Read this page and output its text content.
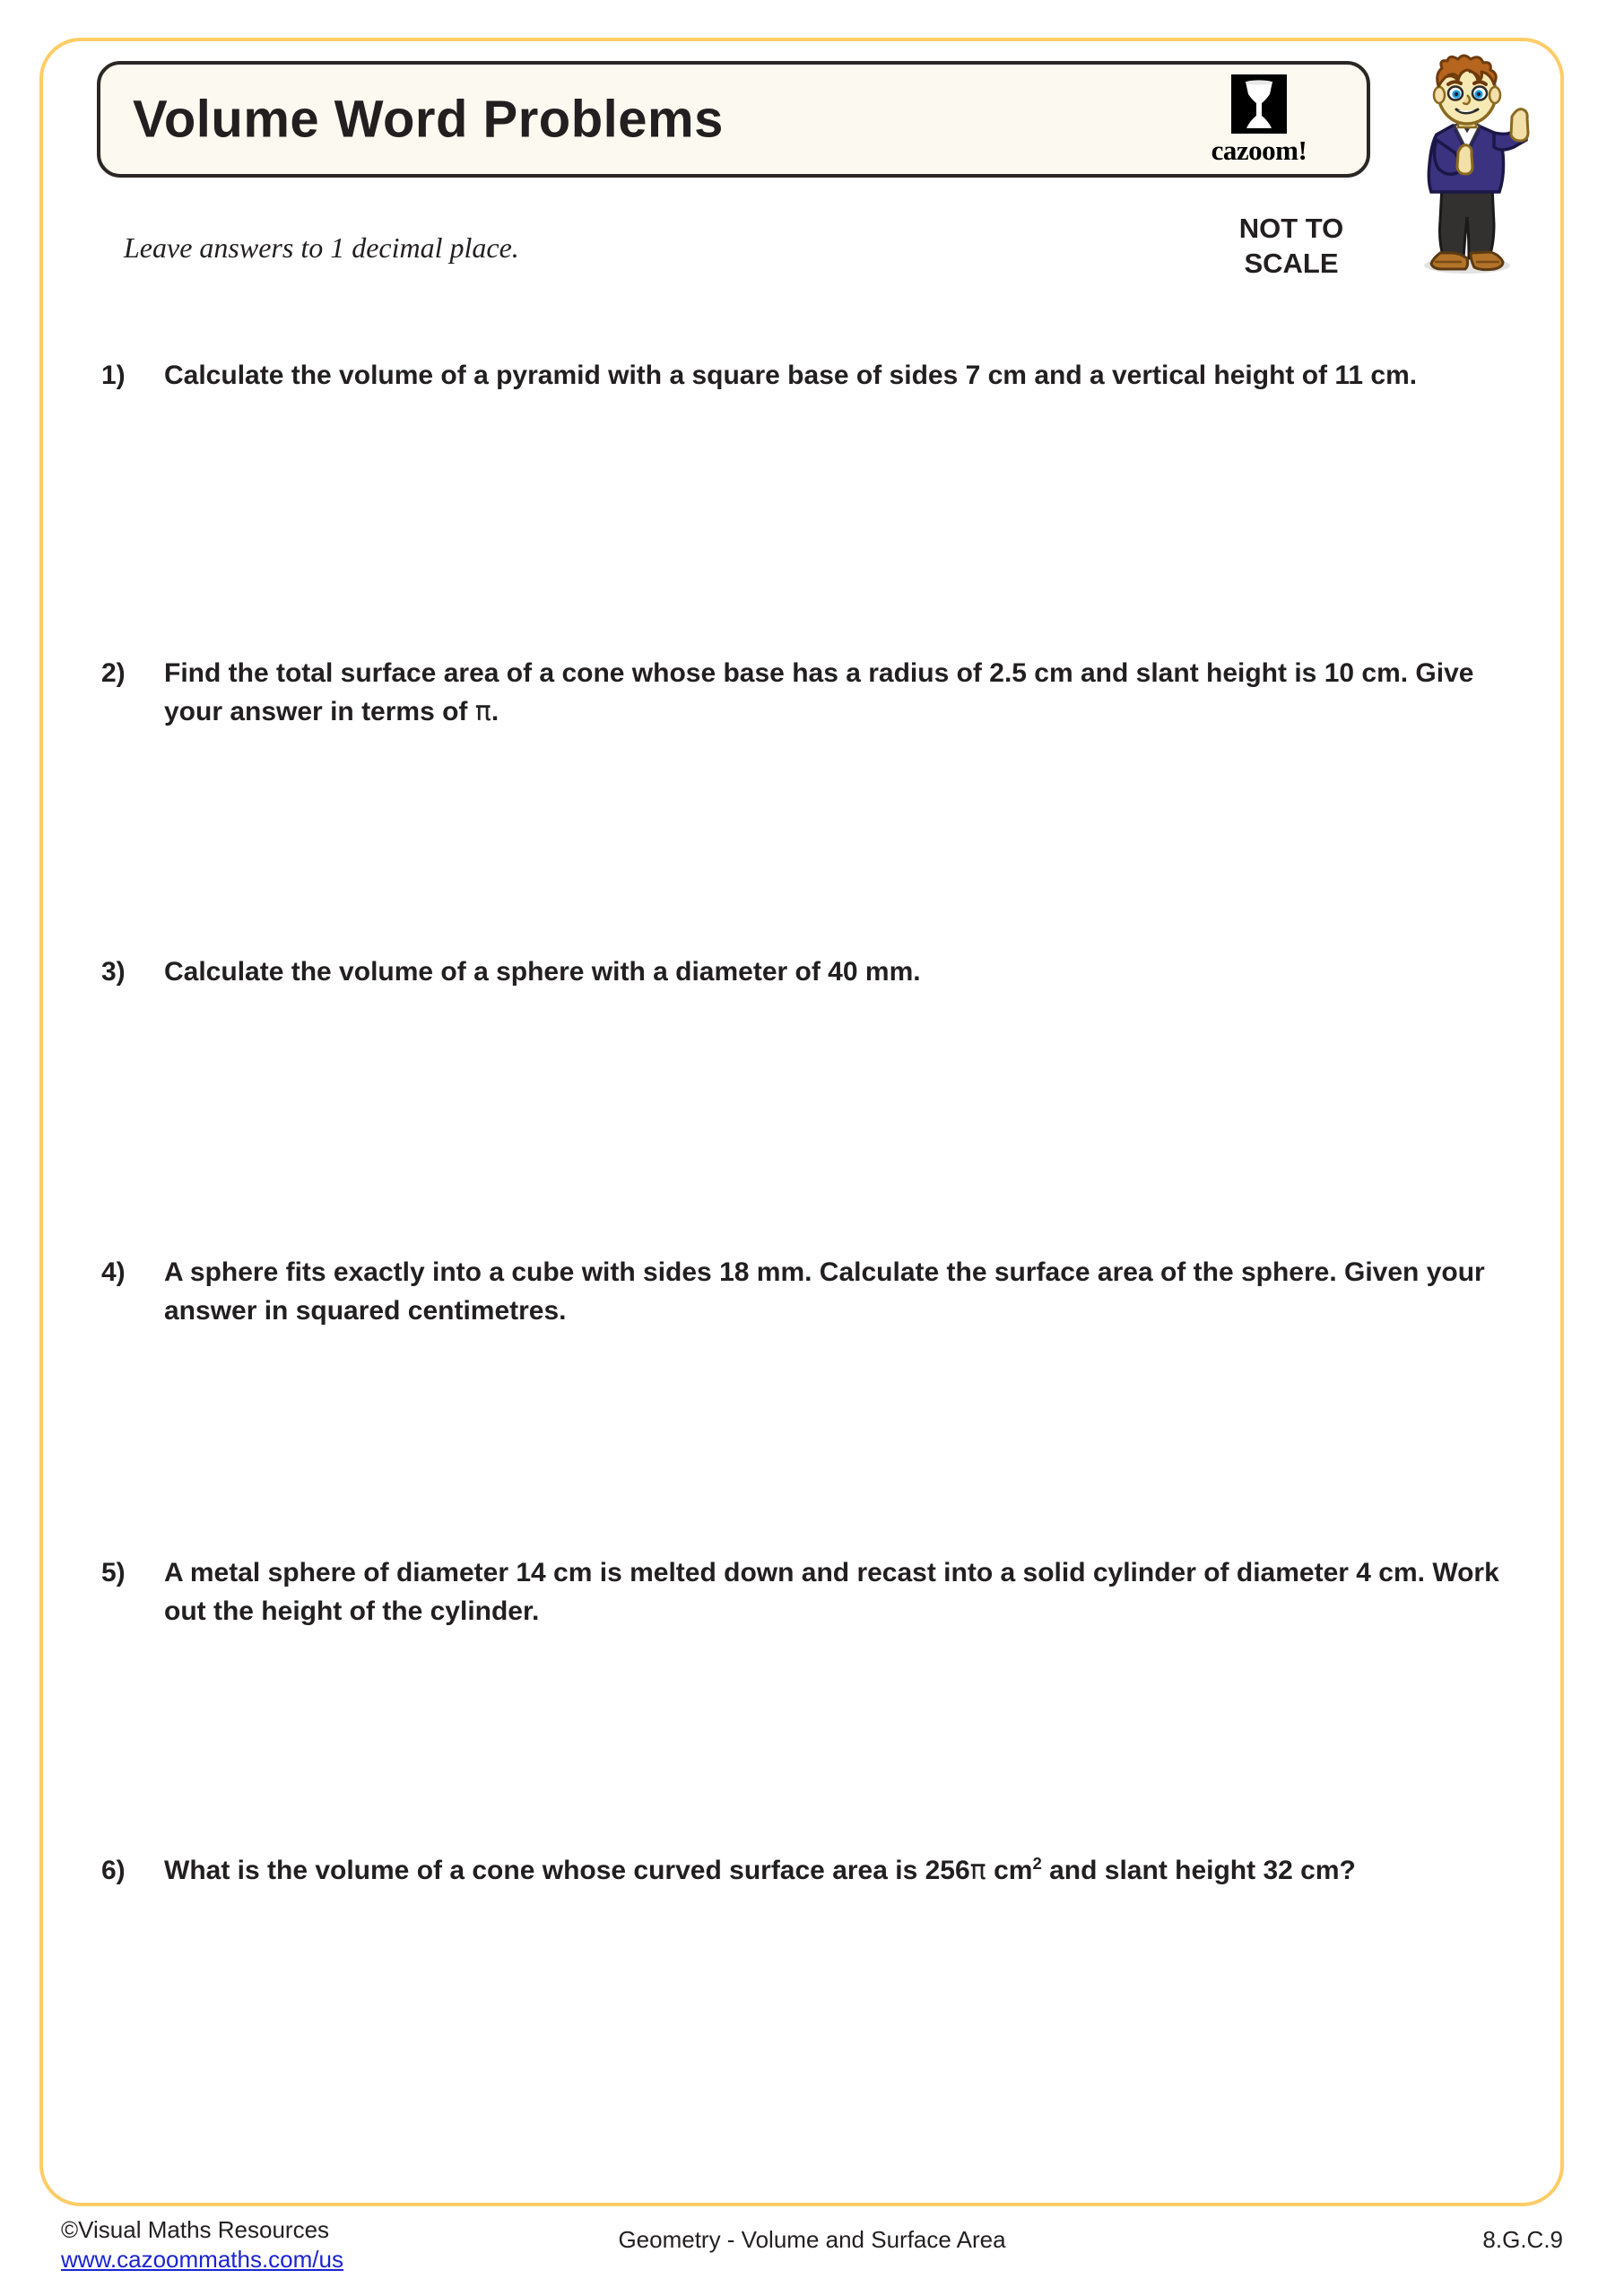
Volume Word Problems
cazoom!
NOT TO
SCALE
Leave answers to 1 decimal place.
1)	Calculate the volume of a pyramid with a square base of sides 7 cm and a vertical height of 11 cm.
2)	Find the total surface area of a cone whose base has a radius of 2.5 cm and slant height is 10 cm. Give your answer in terms of π.
3)	Calculate the volume of a sphere with a diameter of 40 mm.
4)	A sphere fits exactly into a cube with sides 18 mm. Calculate the surface area of the sphere. Given your answer in squared centimetres.
5)	A metal sphere of diameter 14 cm is melted down and recast into a solid cylinder of diameter 4 cm. Work out the height of the cylinder.
6)	What is the volume of a cone whose curved surface area is 256π $cm^2$ and slant height 32 cm?
©Visual Maths Resources
www.cazoommaths.com/us
Geometry - Volume and Surface Area	8.G.C.9
